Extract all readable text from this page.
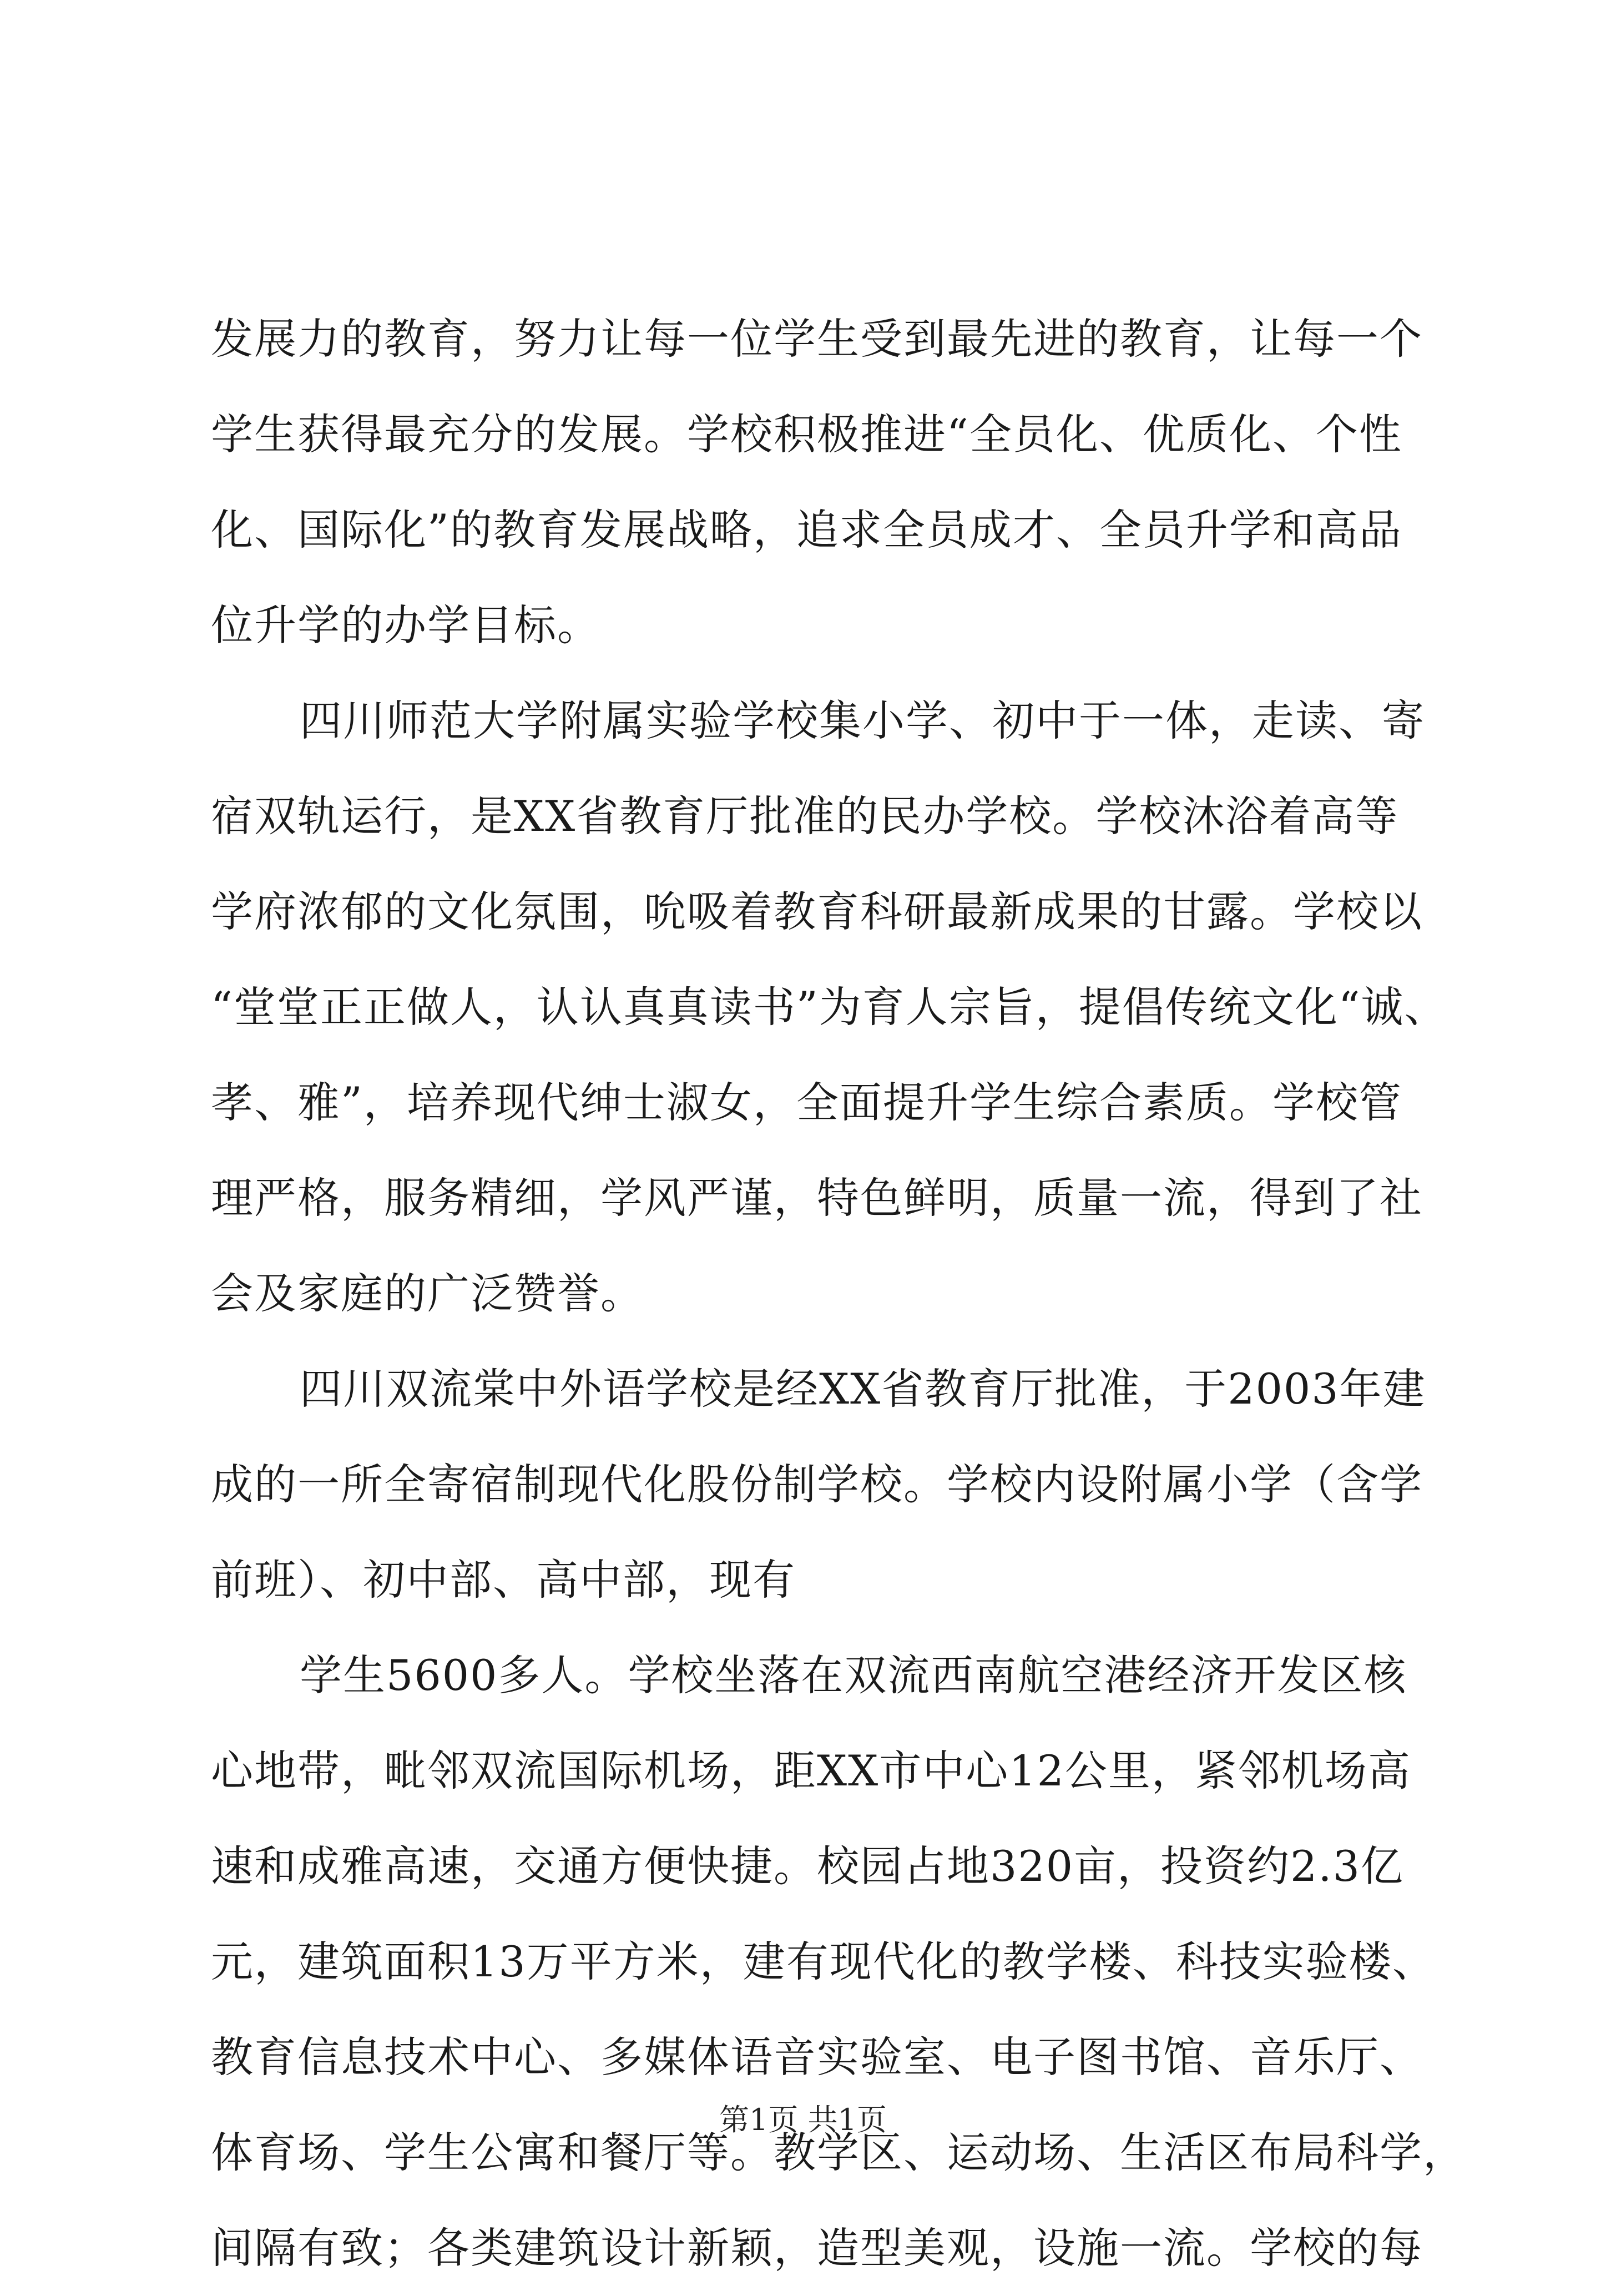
发展力的教育，努力让每一位学生受到最先进的教育，让每一个
学生获得最充分的发展。学校积极推进“全员化、优质化、个性
化、国际化”的教育发展战略，追求全员成才、全员升学和高品
位升学的办学目标。
四川师范大学附属实验学校集小学、初中于一体，走读、寄
宿双轨运行，是XX省教育厅批准的民办学校。学校沐浴着高等
学府浓郁的文化氛围，吮吸着教育科研最新成果的甘露。学校以
“堂堂正正做人，认认真真读书”为育人宗旨，提倡传统文化“诚、
孝、雅”，培养现代绅士淑女，全面提升学生综合素质。学校管
理严格，服务精细，学风严谨，特色鲜明，质量一流，得到了社
会及家庭的广泛赞誉。
四川双流棠中外语学校是经XX省教育厅批准，于2003年建
成的一所全寄宿制现代化股份制学校。学校内设附属小学（含学
前班）、初中部、高中部，现有
学生5600多人。学校坐落在双流西南航空港经济开发区核
心地带，毗邻双流国际机场，距XX市中心12公里，紧邻机场高
速和成雅高速，交通方便快捷。校园占地320亩，投资约2.3亿
元，建筑面积13万平方米，建有现代化的教学楼、科技实验楼、
教育信息技术中心、多媒体语音实验室、电子图书馆、音乐厅、
体育场、学生公寓和餐厅等。教学区、运动场、生活区布局科学，
间隔有致；各类建筑设计新颖，造型美观，设施一流。学校的每
第1页 共1页
